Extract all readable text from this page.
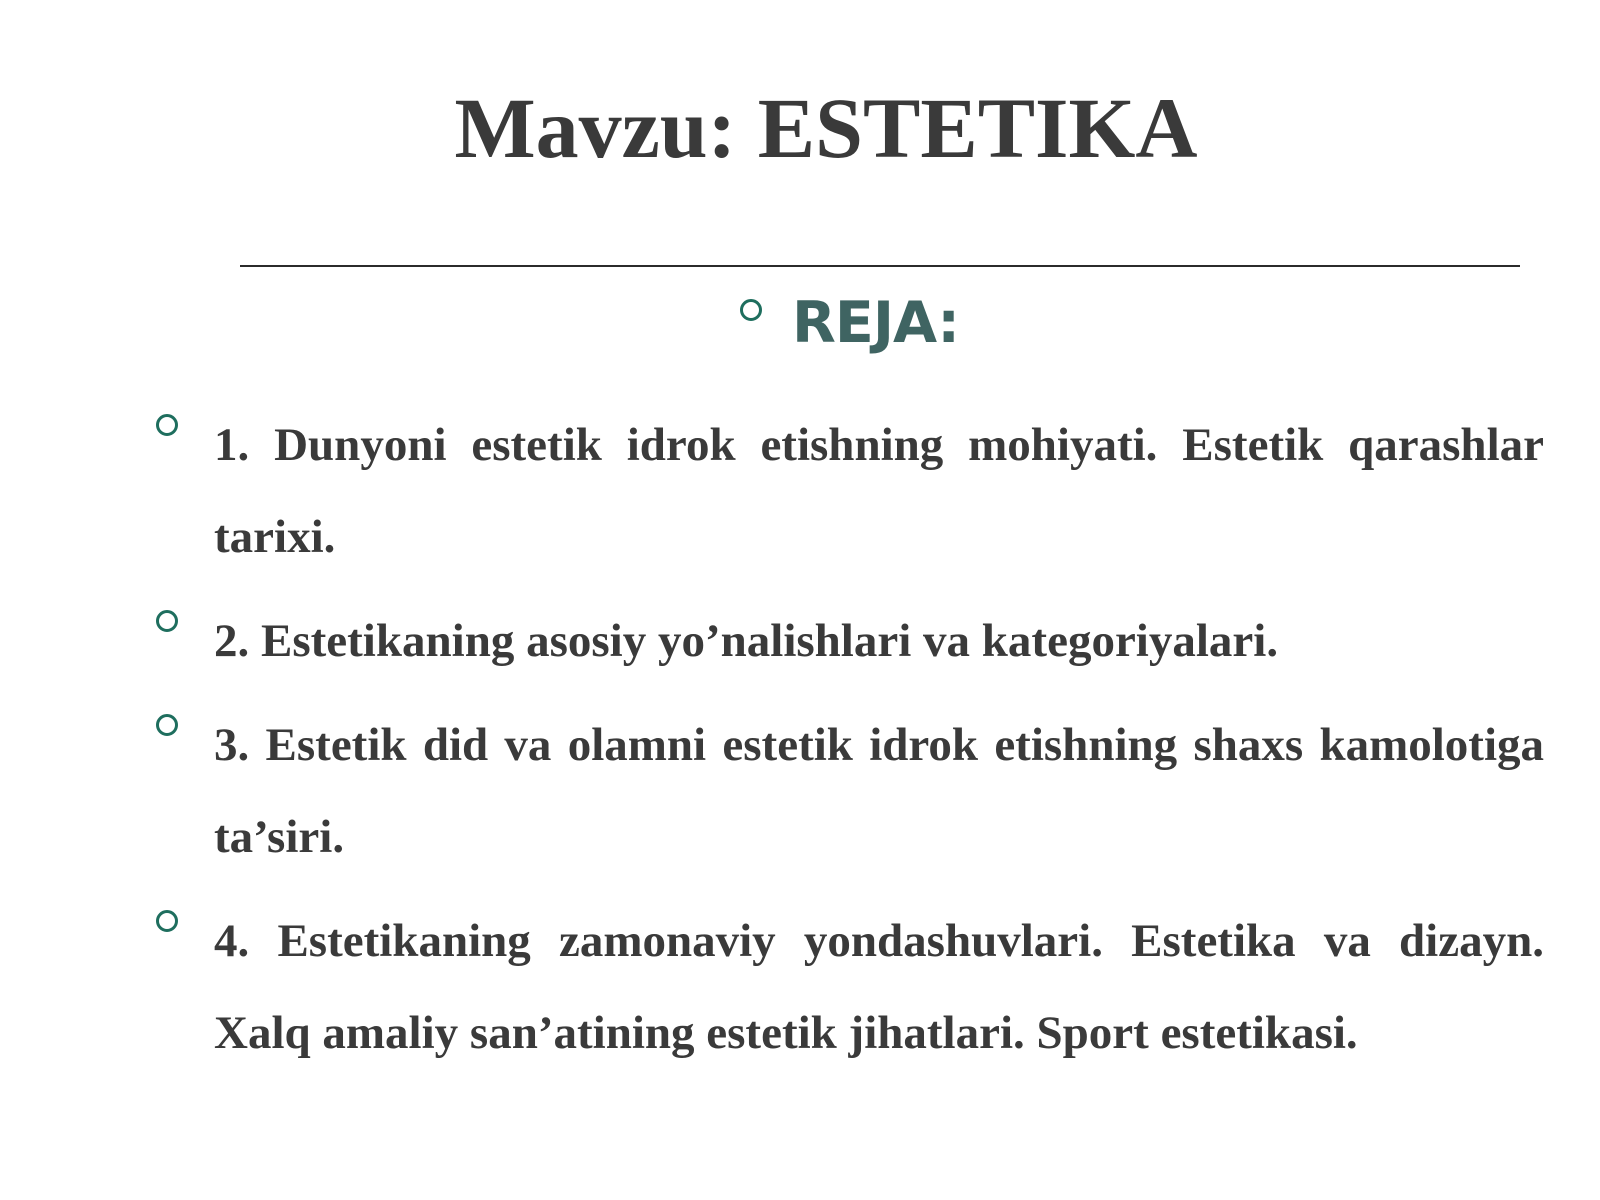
Mavzu: ESTETIKA
REJA:
1. Dunyoni estetik idrok etishning mohiyati. Estetik qarashlar tarixi.
2. Estetikaning asosiy yo’nalishlari va kategoriyalari.
3. Estetik did va olamni estetik idrok etishning shaxs kamolotiga ta’siri.
4. Estetikaning zamonaviy yondashuvlari. Estetika va dizayn. Xalq amaliy san’atining estetik jihatlari. Sport estetikasi.
